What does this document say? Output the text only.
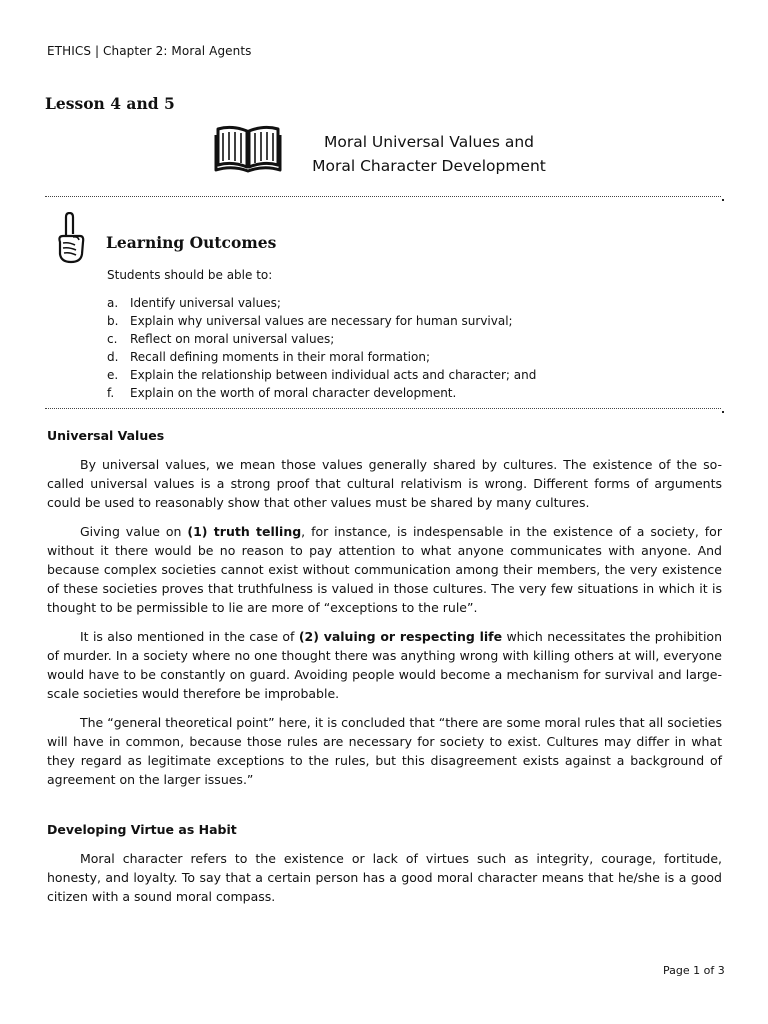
ETHICS | Chapter 2: Moral Agents
Lesson 4 and 5
Moral Universal Values and
Moral Character Development
Learning Outcomes
Students should be able to:
a. Identify universal values;
b. Explain why universal values are necessary for human survival;
c. Reflect on moral universal values;
d. Recall defining moments in their moral formation;
e. Explain the relationship between individual acts and character; and
f. Explain on the worth of moral character development.
Universal Values

By universal values, we mean those values generally shared by cultures. The existence of the so-called universal values is a strong proof that cultural relativism is wrong. Different forms of arguments could be used to reasonably show that other values must be shared by many cultures.

Giving value on (1) truth telling, for instance, is indespensable in the existence of a society, for without it there would be no reason to pay attention to what anyone communicates with anyone. And because complex societies cannot exist without communication among their members, the very existence of these societies proves that truthfulness is valued in those cultures. The very few situations in which it is thought to be permissible to lie are more of “exceptions to the rule”.

It is also mentioned in the case of (2) valuing or respecting life which necessitates the prohibition of murder. In a society where no one thought there was anything wrong with killing others at will, everyone would have to be constantly on guard. Avoiding people would become a mechanism for survival and large-scale societies would therefore be improbable.

The “general theoretical point” here, it is concluded that “there are some moral rules that all societies will have in common, because those rules are necessary for society to exist. Cultures may differ in what they regard as legitimate exceptions to the rules, but this disagreement exists against a background of agreement on the larger issues.”

Developing Virtue as Habit

Moral character refers to the existence or lack of virtues such as integrity, courage, fortitude, honesty, and loyalty. To say that a certain person has a good moral character means that he/she is a good citizen with a sound moral compass.

Page 1 of 3
